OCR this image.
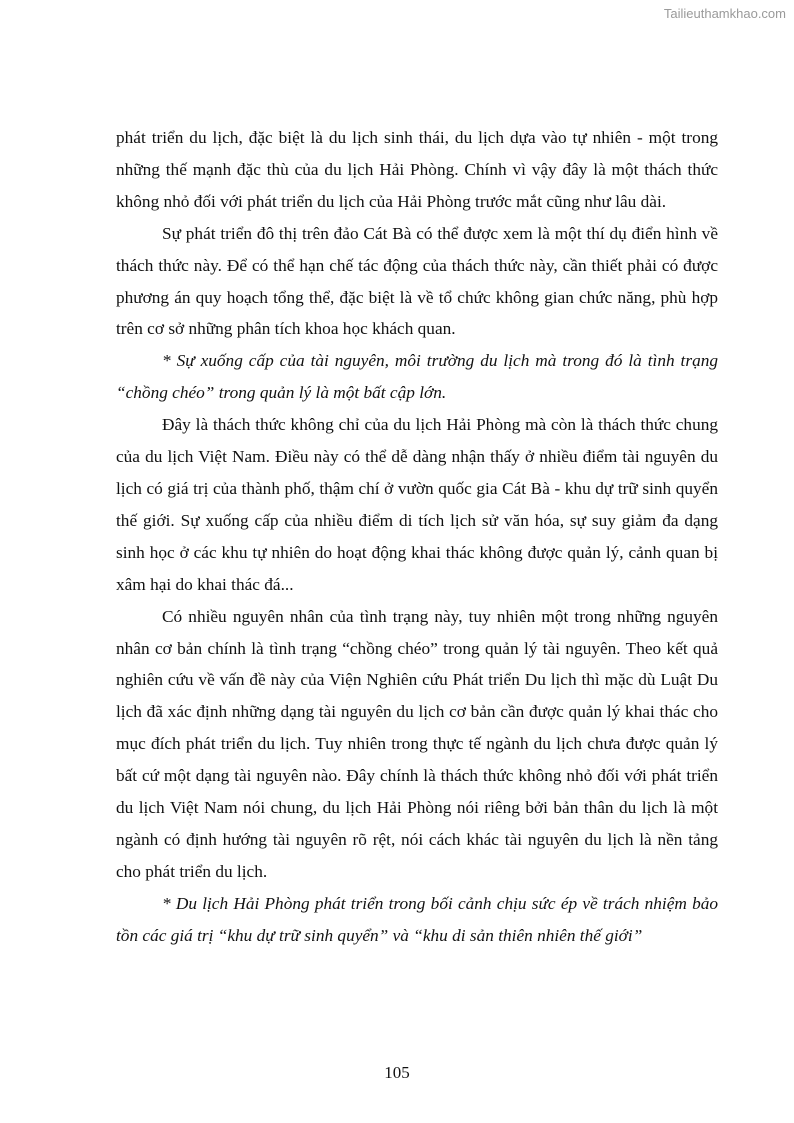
Tailieuthamkhao.com

phát triển du lịch, đặc biệt là du lịch sinh thái, du lịch dựa vào tự nhiên - một trong những thế mạnh đặc thù của du lịch Hải Phòng. Chính vì vậy đây là một thách thức không nhỏ đối với phát triển du lịch của Hải Phòng trước mắt cũng như lâu dài.

Sự phát triển đô thị trên đảo Cát Bà có thể được xem là một thí dụ điển hình về thách thức này. Để có thể hạn chế tác động của thách thức này, cần thiết phải có được phương án quy hoạch tổng thể, đặc biệt là về tổ chức không gian chức năng, phù hợp trên cơ sở những phân tích khoa học khách quan.

* Sự xuống cấp của tài nguyên, môi trường du lịch mà trong đó là tình trạng “chồng chéo” trong quản lý là một bất cập lớn.

Đây là thách thức không chỉ của du lịch Hải Phòng mà còn là thách thức chung của du lịch Việt Nam. Điều này có thể dễ dàng nhận thấy ở nhiều điểm tài nguyên du lịch có giá trị của thành phố, thậm chí ở vườn quốc gia Cát Bà - khu dự trữ sinh quyển thế giới. Sự xuống cấp của nhiều điểm di tích lịch sử văn hóa, sự suy giảm đa dạng sinh học ở các khu tự nhiên do hoạt động khai thác không được quản lý, cảnh quan bị xâm hại do khai thác đá...

Có nhiều nguyên nhân của tình trạng này, tuy nhiên một trong những nguyên nhân cơ bản chính là tình trạng “chồng chéo” trong quản lý tài nguyên. Theo kết quả nghiên cứu về vấn đề này của Viện Nghiên cứu Phát triển Du lịch thì mặc dù Luật Du lịch đã xác định những dạng tài nguyên du lịch cơ bản cần được quản lý khai thác cho mục đích phát triển du lịch. Tuy nhiên trong thực tế ngành du lịch chưa được quản lý bất cứ một dạng tài nguyên nào. Đây chính là thách thức không nhỏ đối với phát triển du lịch Việt Nam nói chung, du lịch Hải Phòng nói riêng bởi bản thân du lịch là một ngành có định hướng tài nguyên rõ rệt, nói cách khác tài nguyên du lịch là nền tảng cho phát triển du lịch.

* Du lịch Hải Phòng phát triển trong bối cảnh chịu sức ép về trách nhiệm bảo tồn các giá trị “khu dự trữ sinh quyển” và “khu di sản thiên nhiên thế giới”

105
